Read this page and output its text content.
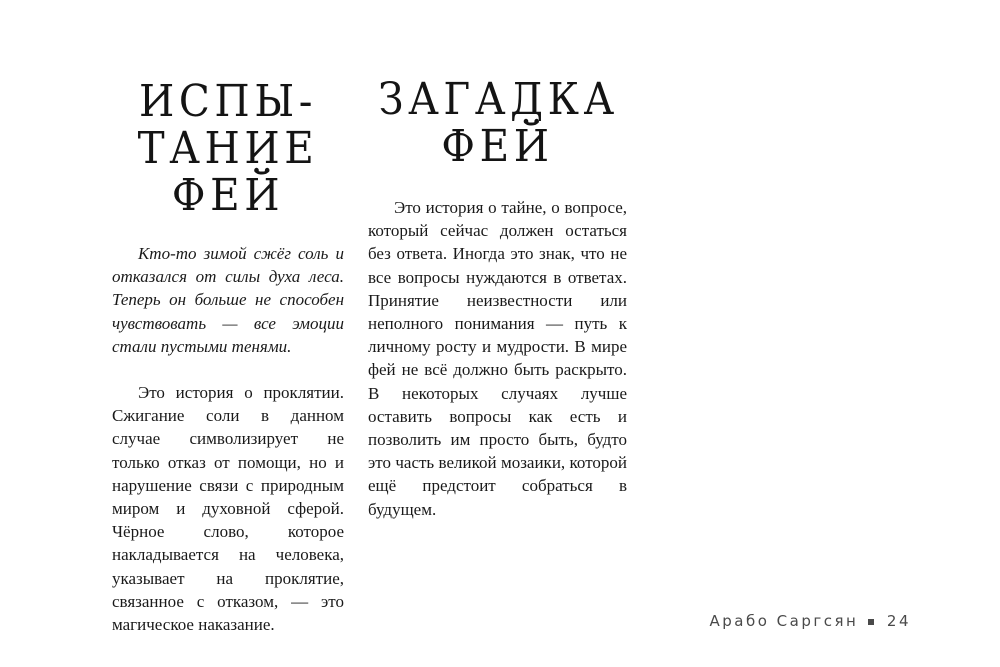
ИСПЫ-
ТАНИЕ
ФЕЙ

Кто-то зимой сжёг соль и отказался от силы духа леса. Теперь он больше не способен чувствовать — все эмоции стали пустыми тенями.

Это история о проклятии. Сжигание соли в данном случае символизирует не только отказ от помощи, но и нарушение связи с природным миром и духовной сферой. Чёрное слово, которое накладывается на человека, указывает на проклятие, связанное с отказом, — это магическое наказание.

ЗАГАДКА
ФЕЙ

Это история о тайне, о вопросе, который сейчас должен остаться без ответа. Иногда это знак, что не все вопросы нуждаются в ответах. Принятие неизвестности или неполного понимания — путь к личному росту и мудрости. В мире фей не всё должно быть раскрыто. В некоторых случаях лучше оставить вопросы как есть и позволить им просто быть, будто это часть великой мозаики, которой ещё предстоит собраться в будущем.

Арабо Саргсян 24
